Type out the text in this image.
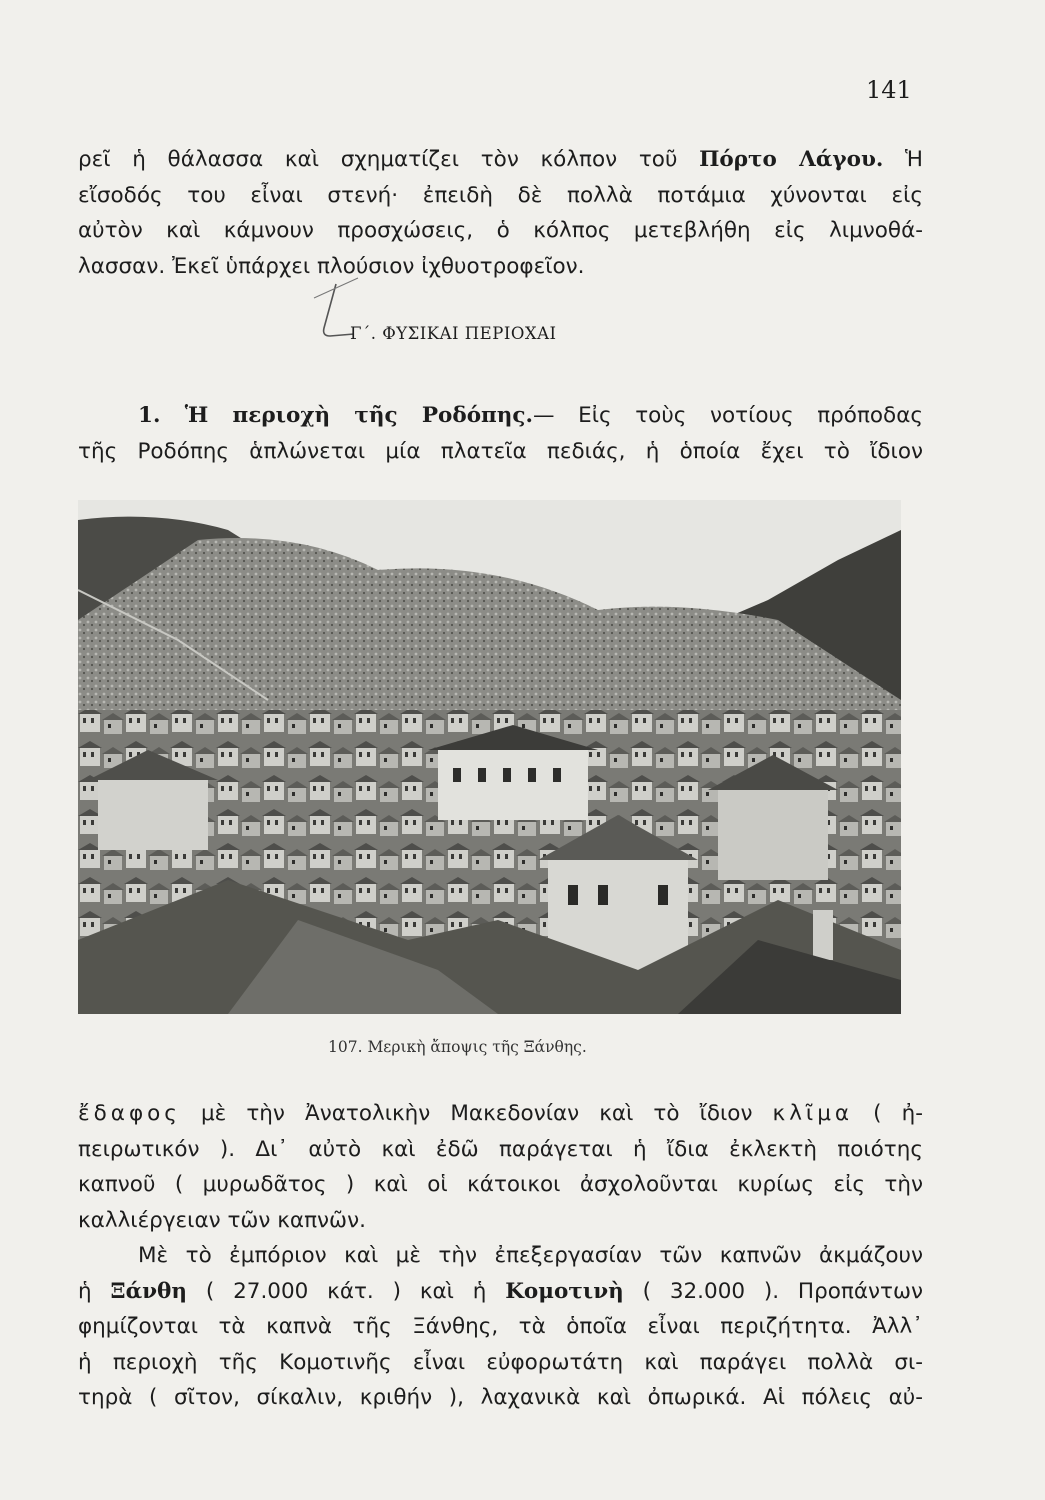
141
ρεῖ ἡ θάλασσα καὶ σχηματίζει τὸν κόλπον τοῦ Πόρτο Λάγου. Ἡ
εἴσοδός του εἶναι στενή· ἐπειδὴ δὲ πολλὰ ποτάμια χύνονται εἰς
αὐτὸν καὶ κάμνουν προσχώσεις, ὁ κόλπος μετεβλήθη εἰς λιμνοθά-
λασσαν. Ἐκεῖ ὑπάρχει πλούσιον ἰχθυοτροφεῖον.
Γ΄. ΦΥΣΙΚΑΙ ΠΕΡΙΟΧΑΙ
1. Ἡ περιοχὴ τῆς Ροδόπης.— Εἰς τοὺς νοτίους πρόποδας
τῆς Ροδόπης ἁπλώνεται μία πλατεῖα πεδιάς, ἡ ὁποία ἔχει τὸ ἴδιον
107. Μερικὴ ἄποψις τῆς Ξάνθης.
ἔδαφος μὲ τὴν Ἀνατολικὴν Μακεδονίαν καὶ τὸ ἴδιον κλῖμα ( ἠ-
πειρωτικόν ). Δι᾽ αὐτὸ καὶ ἐδῶ παράγεται ἡ ἴδια ἐκλεκτὴ ποιότης
καπνοῦ ( μυρωδᾶτος ) καὶ οἱ κάτοικοι ἀσχολοῦνται κυρίως εἰς τὴν
καλλιέργειαν τῶν καπνῶν.
Μὲ τὸ ἐμπόριον καὶ μὲ τὴν ἐπεξεργασίαν τῶν καπνῶν ἀκμάζουν
ἡ Ξάνθη ( 27.000 κάτ. ) καὶ ἡ Κομοτινὴ ( 32.000 ). Προπάντων
φημίζονται τὰ καπνὰ τῆς Ξάνθης, τὰ ὁποῖα εἶναι περιζήτητα. Ἀλλ᾽
ἡ περιοχὴ τῆς Κομοτινῆς εἶναι εὐφορωτάτη καὶ παράγει πολλὰ σι-
τηρὰ ( σῖτον, σίκαλιν, κριθήν ), λαχανικὰ καὶ ὀπωρικά. Αἱ πόλεις αὐ-
